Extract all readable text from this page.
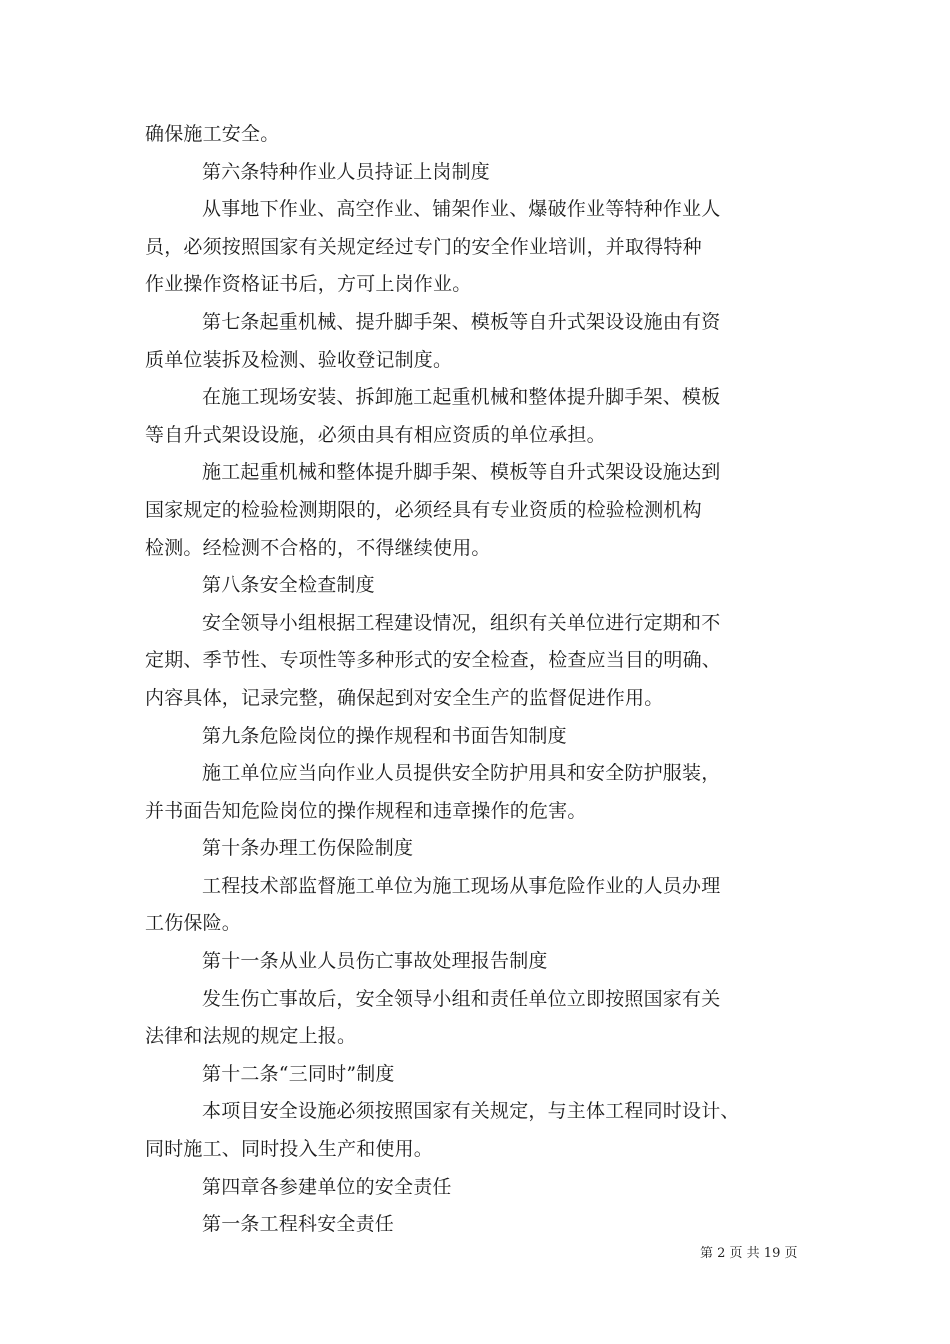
确保施工安全。
第六条特种作业人员持证上岗制度
从事地下作业、高空作业、铺架作业、爆破作业等特种作业人
员，必须按照国家有关规定经过专门的安全作业培训，并取得特种
作业操作资格证书后，方可上岗作业。
第七条起重机械、提升脚手架、模板等自升式架设设施由有资
质单位装拆及检测、验收登记制度。
在施工现场安装、拆卸施工起重机械和整体提升脚手架、模板
等自升式架设设施，必须由具有相应资质的单位承担。
施工起重机械和整体提升脚手架、模板等自升式架设设施达到
国家规定的检验检测期限的，必须经具有专业资质的检验检测机构
检测。经检测不合格的，不得继续使用。
第八条安全检查制度
安全领导小组根据工程建设情况，组织有关单位进行定期和不
定期、季节性、专项性等多种形式的安全检查，检查应当目的明确、
内容具体，记录完整，确保起到对安全生产的监督促进作用。
第九条危险岗位的操作规程和书面告知制度
施工单位应当向作业人员提供安全防护用具和安全防护服装，
并书面告知危险岗位的操作规程和违章操作的危害。
第十条办理工伤保险制度
工程技术部监督施工单位为施工现场从事危险作业的人员办理
工伤保险。
第十一条从业人员伤亡事故处理报告制度
发生伤亡事故后，安全领导小组和责任单位立即按照国家有关
法律和法规的规定上报。
第十二条“三同时”制度
本项目安全设施必须按照国家有关规定，与主体工程同时设计、
同时施工、同时投入生产和使用。
第四章各参建单位的安全责任
第一条工程科安全责任
第 2 页 共 19 页
